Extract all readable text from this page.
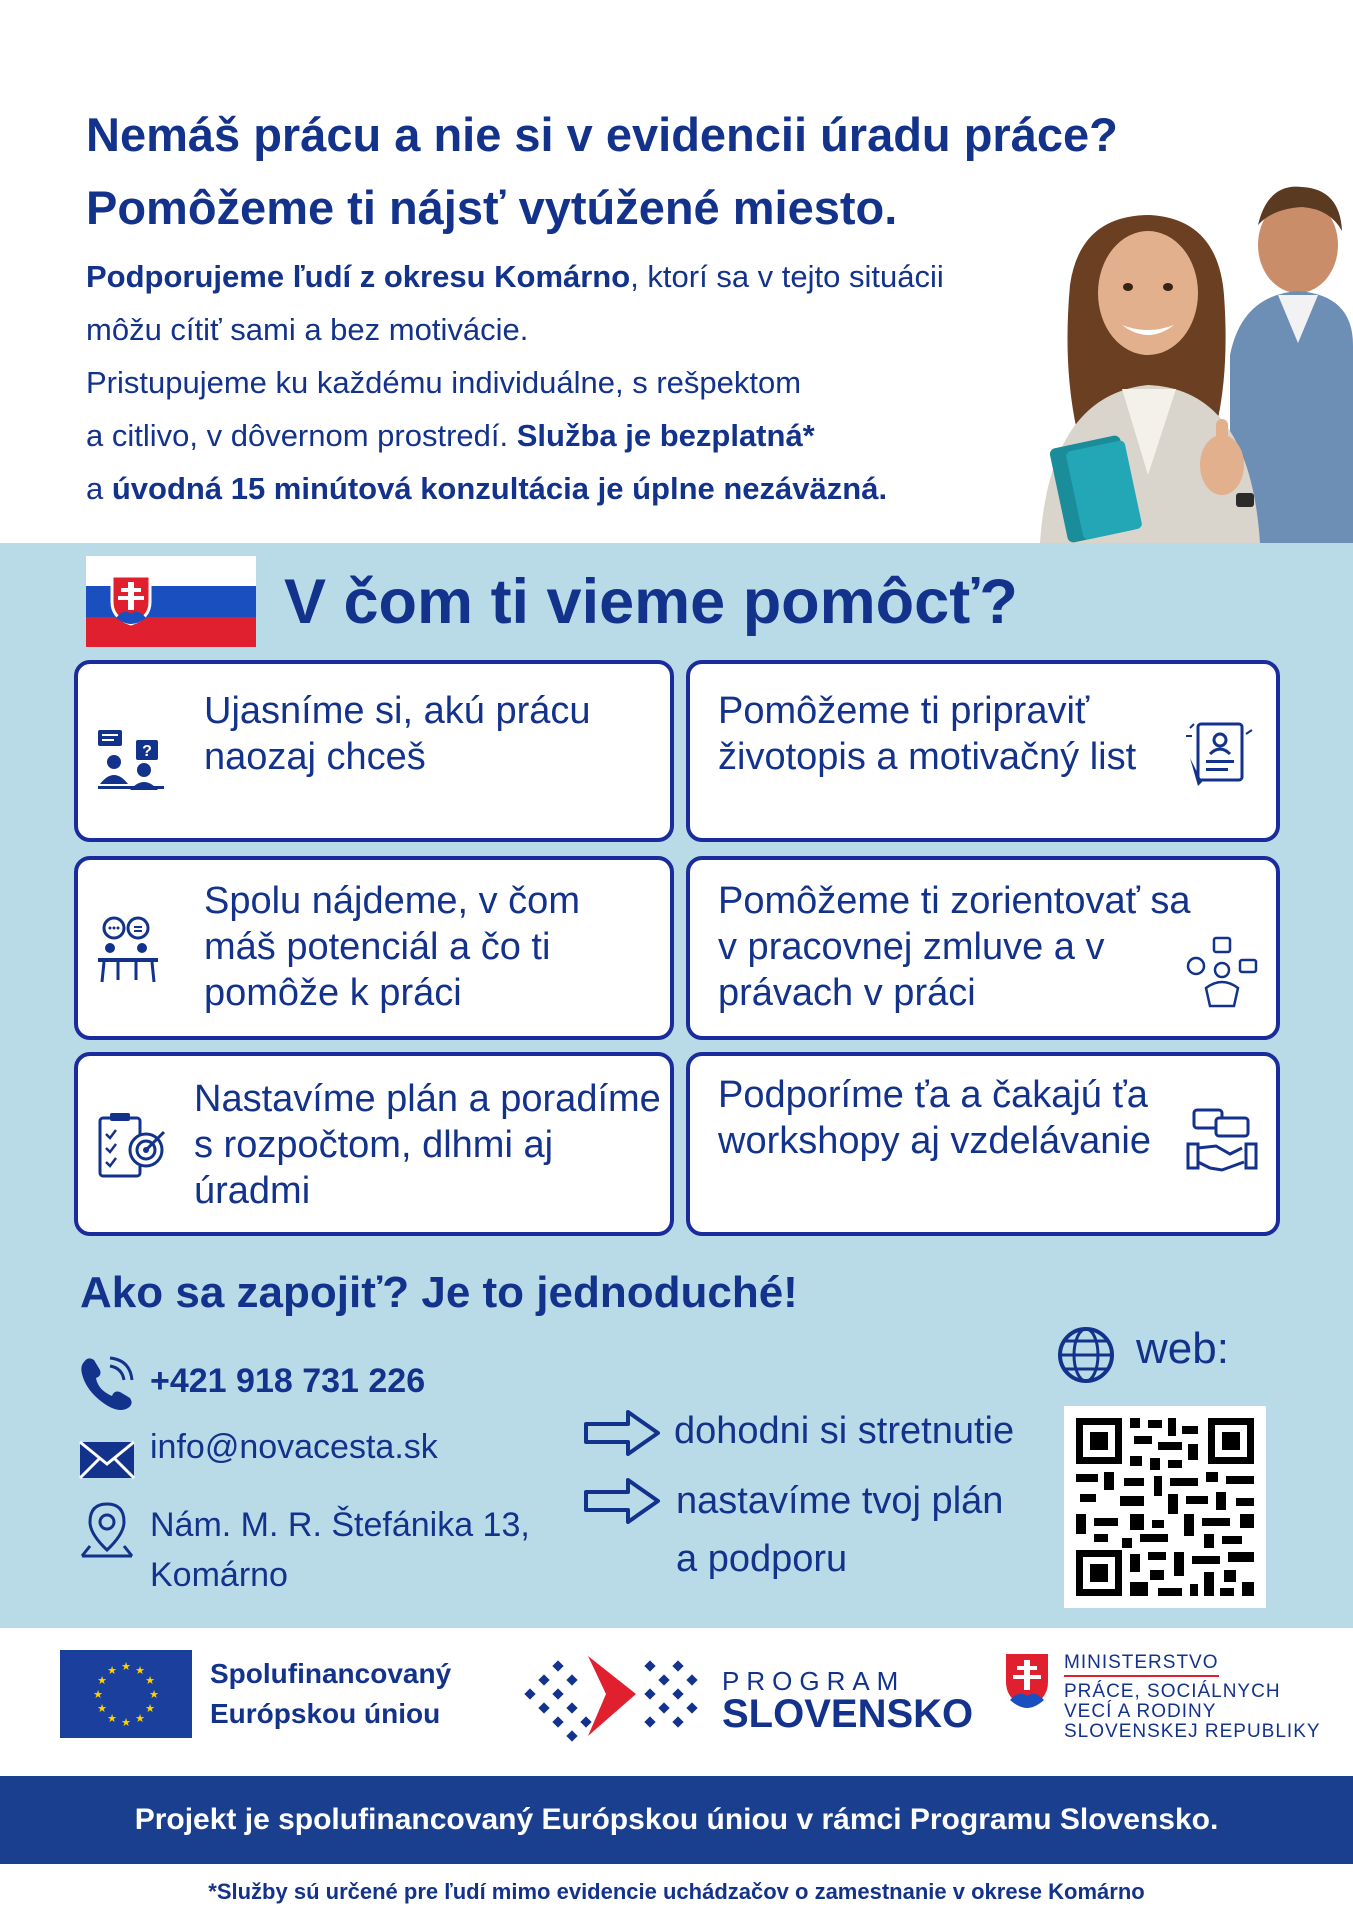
Nemáš prácu a nie si v evidencii úradu práce?
Pomôžeme ti nájsť vytúžené miesto.
Podporujeme ľudí z okresu Komárno, ktorí sa v tejto situácii
môžu cítiť sami a bez motivácie.
Pristupujeme ku každému individuálne, s rešpektom
a citlivo, v dôvernom prostredí. Služba je bezplatná*
a úvodná 15 minútová konzultácia je úplne nezáväzná.
V čom ti vieme pomôcť?
?
Ujasníme si, akú prácu naozaj chceš
Pomôžeme ti pripraviť životopis a motivačný list
Spolu nájdeme, v čom máš potenciál a čo ti pomôže k práci
Pomôžeme ti zorientovať sa v pracovnej zmluve a v právach v práci
Nastavíme plán a poradíme s rozpočtom, dlhmi aj úradmi
Podporíme ťa a čakajú ťa workshopy aj vzdelávanie
Ako sa zapojiť? Je to jednoduché!
+421 918 731 226
info@novacesta.sk
Nám. M. R. Štefánika 13,
Komárno
dohodni si stretnutie
nastavíme tvoj plán
a podporu
web:
★ ★
★
★
★
★
★
★
★
★
★
★	Spolufinancovaný
Európskou úniou
PROGRAM
SLOVENSKO
MINISTERSTVO
PRÁCE, SOCIÁLNYCH
VECÍ A RODINY
SLOVENSKEJ REPUBLIKY
Projekt je spolufinancovaný Európskou úniou v rámci Programu Slovensko.
*Služby sú určené pre ľudí mimo evidencie uchádzačov o zamestnanie v okrese Komárno
